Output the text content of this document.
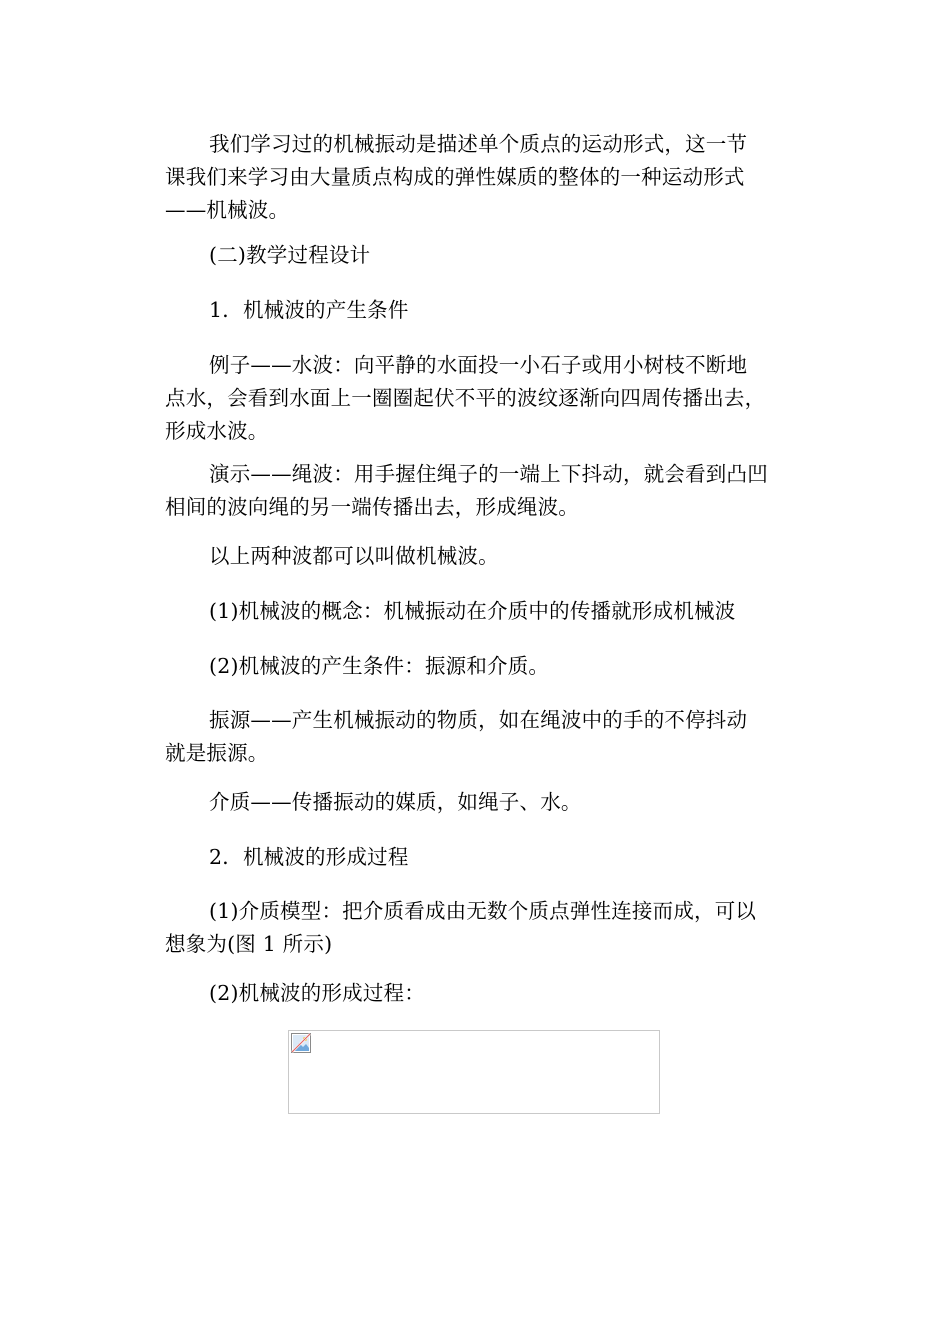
我们学习过的机械振动是描述单个质点的运动形式，这一节
课我们来学习由大量质点构成的弹性媒质的整体的一种运动形式
——机械波。

(二)教学过程设计

1．机械波的产生条件

例子——水波：向平静的水面投一小石子或用小树枝不断地
点水，会看到水面上一圈圈起伏不平的波纹逐渐向四周传播出去，
形成水波。

演示——绳波：用手握住绳子的一端上下抖动，就会看到凸凹
相间的波向绳的另一端传播出去，形成绳波。

以上两种波都可以叫做机械波。

(1)机械波的概念：机械振动在介质中的传播就形成机械波

(2)机械波的产生条件：振源和介质。

振源——产生机械振动的物质，如在绳波中的手的不停抖动
就是振源。

介质——传播振动的媒质，如绳子、水。

2．机械波的形成过程

(1)介质模型：把介质看成由无数个质点弹性连接而成，可以
想象为(图 1 所示)

(2)机械波的形成过程：
